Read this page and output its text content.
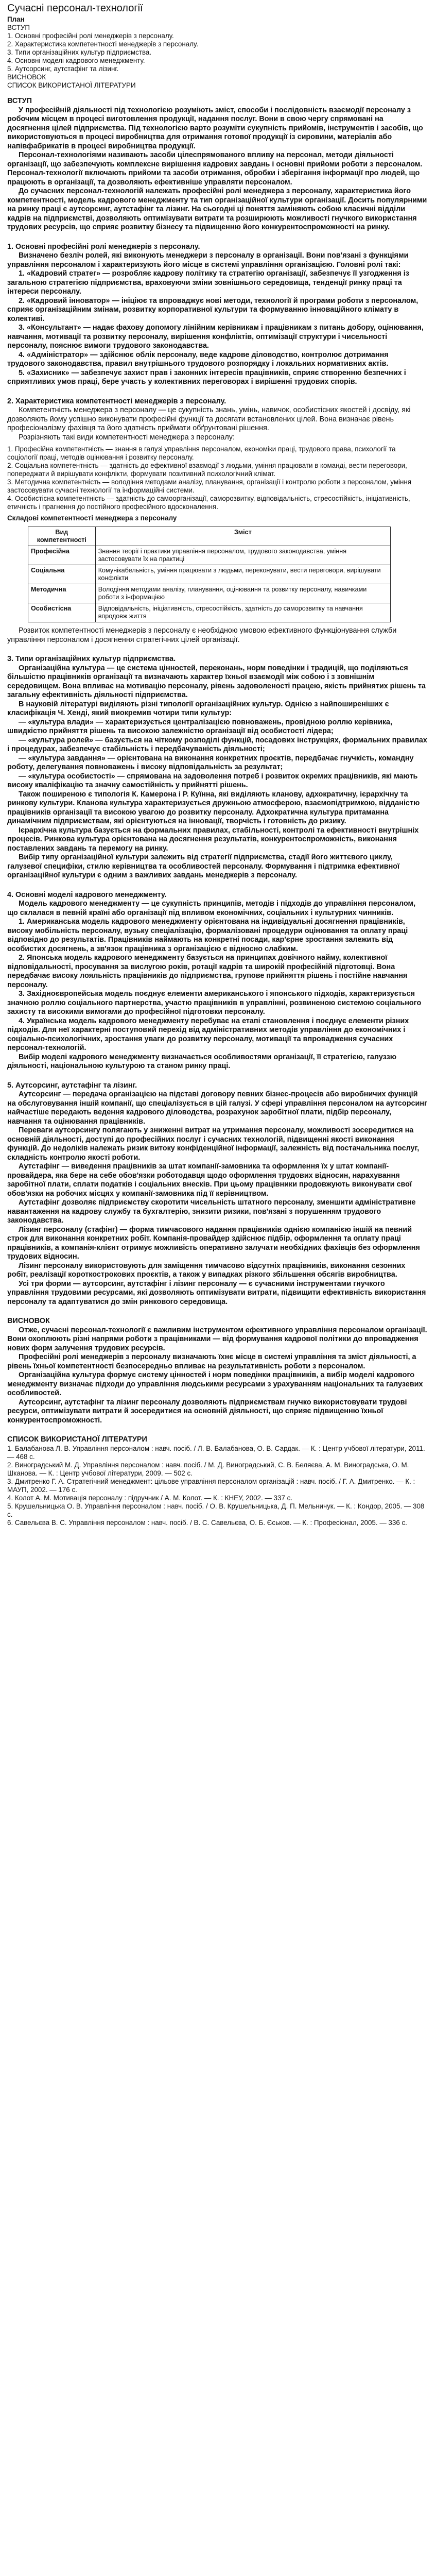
Сучасні персонал-технології

План

ВСТУП

1. Основні професійні ролі менеджерів з персоналу.

2. Характеристика компетентності менеджерів з персоналу.

3. Типи організаційних культур підприємства.

4. Основні моделі кадрового менеджменту.

5. Аутсорсинг, аутстафінг та лізинг.

ВИСНОВОК

СПИСОК ВИКОРИСТАНОЇ ЛІТЕРАТУРИ

ВСТУП

У професійній діяльності під технологією розуміють зміст, способи і послідовність взаємодії персоналу з робочим місцем в процесі виготовлення продукції, надання послуг. Вони в свою чергу спрямовані на досягнення цілей підприємства. Під технологією варто розуміти сукупність прийомів, інструментів і засобів, що використовуються в процесі виробництва для отримання готової продукції із сировини, матеріалів або напівфабрикатів в процесі виробництва продукції.

Персонал-технологіями називають засоби цілеспрямованого впливу на персонал, методи діяльності організації, що забезпечують комплексне вирішення кадрових завдань і основні прийоми роботи з персоналом. Персонал-технології включають прийоми та засоби отримання, обробки і зберігання інформації про людей, що працюють в організації, та дозволяють ефективніше управляти персоналом.

До сучасних персонал-технологій належать професійні ролі менеджера з персоналу, характеристика його компетентності, модель кадрового менеджменту та тип організаційної культури організації. Досить популярними на ринку праці є аутсорсинг, аутстафінг та лізинг. На сьогодні ці поняття заміняють собою класичні відділи кадрів на підприємстві, дозволяють оптимізувати витрати та розширюють можливості гнучкого використання трудових ресурсів, що сприяє розвитку бізнесу та підвищенню його конкурентоспроможності на ринку.

1. Основні професійні ролі менеджерів з персоналу.

Визначено безліч ролей, які виконують менеджери з персоналу в організації. Вони пов'язані з функціями управління персоналом і характеризують його місце в системі управління організацією. Головні ролі такі:

1. «Кадровий стратег» — розробляє кадрову політику та стратегію організації, забезпечує її узгодження із загальною стратегією підприємства, враховуючи зміни зовнішнього середовища, тенденції ринку праці та інтереси персоналу.

2. «Кадровий інноватор» — ініціює та впроваджує нові методи, технології й програми роботи з персоналом, сприяє організаційним змінам, розвитку корпоративної культури та формуванню інноваційного клімату в колективі.

3. «Консультант» — надає фахову допомогу лінійним керівникам і працівникам з питань добору, оцінювання, навчання, мотивації та розвитку персоналу, вирішення конфліктів, оптимізації структури і чисельності персоналу, пояснює вимоги трудового законодавства.

4. «Адміністратор» — здійснює облік персоналу, веде кадрове діловодство, контролює дотримання трудового законодавства, правил внутрішнього трудового розпорядку і локальних нормативних актів.

5. «Захисник» — забезпечує захист прав і законних інтересів працівників, сприяє створенню безпечних і сприятливих умов праці, бере участь у колективних переговорах і вирішенні трудових спорів.

2. Характеристика компетентності менеджерів з персоналу.

Компетентність менеджера з персоналу — це сукупність знань, умінь, навичок, особистісних якостей і досвіду, які дозволяють йому успішно виконувати професійні функції та досягати встановлених цілей. Вона визначає рівень професіоналізму фахівця та його здатність приймати обґрунтовані рішення.

Розрізняють такі види компетентності менеджера з персоналу:

1. Професійна компетентність — знання в галузі управління персоналом, економіки праці, трудового права, психології та соціології праці, методів оцінювання і розвитку персоналу.

2. Соціальна компетентність — здатність до ефективної взаємодії з людьми, уміння працювати в команді, вести переговори, попереджати й вирішувати конфлікти, формувати позитивний психологічний клімат.

3. Методична компетентність — володіння методами аналізу, планування, організації і контролю роботи з персоналом, уміння застосовувати сучасні технології та інформаційні системи.

4. Особистісна компетентність — здатність до самоорганізації, саморозвитку, відповідальність, стресостійкість, ініціативність, етичність і прагнення до постійного професійного вдосконалення.

Складові компетентності менеджера з персоналу

Вид компетентності	Зміст
Професійна	Знання теорії і практики управління персоналом, трудового законодавства, уміння застосовувати їх на практиці
Соціальна	Комунікабельність, уміння працювати з людьми, переконувати, вести переговори, вирішувати конфлікти
Методична	Володіння методами аналізу, планування, оцінювання та розвитку персоналу, навичками роботи з інформацією
Особистісна	Відповідальність, ініціативність, стресостійкість, здатність до саморозвитку та навчання впродовж життя

Розвиток компетентності менеджерів з персоналу є необхідною умовою ефективного функціонування служби управління персоналом і досягнення стратегічних цілей організації.

3. Типи організаційних культур підприємства.

Організаційна культура — це система цінностей, переконань, норм поведінки і традицій, що поділяються більшістю працівників організації та визначають характер їхньої взаємодії між собою і з зовнішнім середовищем. Вона впливає на мотивацію персоналу, рівень задоволеності працею, якість прийнятих рішень та загальну ефективність діяльності підприємства.

В науковій літературі виділяють різні типології організаційних культур. Однією з найпоширеніших є класифікація Ч. Хенді, який виокремив чотири типи культур:

— «культура влади» — характеризується централізацією повноважень, провідною роллю керівника, швидкістю прийняття рішень та високою залежністю організації від особистості лідера;

— «культура ролей» — базується на чіткому розподілі функцій, посадових інструкціях, формальних правилах і процедурах, забезпечує стабільність і передбачуваність діяльності;

— «культура завдання» — орієнтована на виконання конкретних проєктів, передбачає гнучкість, командну роботу, делегування повноважень і високу відповідальність за результат;

— «культура особистості» — спрямована на задоволення потреб і розвиток окремих працівників, які мають високу кваліфікацію та значну самостійність у прийнятті рішень.

Також поширеною є типологія К. Камерона і Р. Куїнна, які виділяють кланову, адхократичну, ієрархічну та ринкову культури. Кланова культура характеризується дружньою атмосферою, взаємопідтримкою, відданістю працівників організації та високою увагою до розвитку персоналу. Адхократична культура притаманна динамічним підприємствам, які орієнтуються на інновації, творчість і готовність до ризику.

Ієрархічна культура базується на формальних правилах, стабільності, контролі та ефективності внутрішніх процесів. Ринкова культура орієнтована на досягнення результатів, конкурентоспроможність, виконання поставлених завдань та перемогу на ринку.

Вибір типу організаційної культури залежить від стратегії підприємства, стадії його життєвого циклу, галузевої специфіки, стилю керівництва та особливостей персоналу. Формування і підтримка ефективної організаційної культури є одним з важливих завдань менеджерів з персоналу.

4. Основні моделі кадрового менеджменту.

Модель кадрового менеджменту — це сукупність принципів, методів і підходів до управління персоналом, що склалася в певній країні або організації під впливом економічних, соціальних і культурних чинників.

1. Американська модель кадрового менеджменту орієнтована на індивідуальні досягнення працівників, високу мобільність персоналу, вузьку спеціалізацію, формалізовані процедури оцінювання та оплату праці відповідно до результатів. Працівників наймають на конкретні посади, кар'єрне зростання залежить від особистих досягнень, а зв'язок працівника з організацією є відносно слабким.

2. Японська модель кадрового менеджменту базується на принципах довічного найму, колективної відповідальності, просування за вислугою років, ротації кадрів та широкій професійній підготовці. Вона передбачає високу лояльність працівників до підприємства, групове прийняття рішень і постійне навчання персоналу.

3. Західноєвропейська модель поєднує елементи американського і японського підходів, характеризується значною роллю соціального партнерства, участю працівників в управлінні, розвиненою системою соціального захисту та високими вимогами до професійної підготовки персоналу.

4. Українська модель кадрового менеджменту перебуває на етапі становлення і поєднує елементи різних підходів. Для неї характерні поступовий перехід від адміністративних методів управління до економічних і соціально-психологічних, зростання уваги до розвитку персоналу, мотивації та впровадження сучасних персонал-технологій.

Вибір моделі кадрового менеджменту визначається особливостями організації, її стратегією, галуззю діяльності, національною культурою та станом ринку праці.

5. Аутсорсинг, аутстафінг та лізинг.

Аутсорсинг — передача організацією на підставі договору певних бізнес-процесів або виробничих функцій на обслуговування іншій компанії, що спеціалізується в цій галузі. У сфері управління персоналом на аутсорсинг найчастіше передають ведення кадрового діловодства, розрахунок заробітної плати, підбір персоналу, навчання та оцінювання працівників.

Переваги аутсорсингу полягають у зниженні витрат на утримання персоналу, можливості зосередитися на основній діяльності, доступі до професійних послуг і сучасних технологій, підвищенні якості виконання функцій. До недоліків належать ризик витоку конфіденційної інформації, залежність від постачальника послуг, складність контролю якості роботи.

Аутстафінг — виведення працівників за штат компанії-замовника та оформлення їх у штат компанії-провайдера, яка бере на себе обов'язки роботодавця щодо оформлення трудових відносин, нарахування заробітної плати, сплати податків і соціальних внесків. При цьому працівники продовжують виконувати свої обов'язки на робочих місцях у компанії-замовника під її керівництвом.

Аутстафінг дозволяє підприємству скоротити чисельність штатного персоналу, зменшити адміністративне навантаження на кадрову службу та бухгалтерію, знизити ризики, пов'язані з порушенням трудового законодавства.

Лізинг персоналу (стафінг) — форма тимчасового надання працівників однією компанією іншій на певний строк для виконання конкретних робіт. Компанія-провайдер здійснює підбір, оформлення та оплату праці працівників, а компанія-клієнт отримує можливість оперативно залучати необхідних фахівців без оформлення трудових відносин.

Лізинг персоналу використовують для заміщення тимчасово відсутніх працівників, виконання сезонних робіт, реалізації короткострокових проєктів, а також у випадках різкого збільшення обсягів виробництва.

Усі три форми — аутсорсинг, аутстафінг і лізинг персоналу — є сучасними інструментами гнучкого управління трудовими ресурсами, які дозволяють оптимізувати витрати, підвищити ефективність використання персоналу та адаптуватися до змін ринкового середовища.

ВИСНОВОК

Отже, сучасні персонал-технології є важливим інструментом ефективного управління персоналом організації. Вони охоплюють різні напрями роботи з працівниками — від формування кадрової політики до впровадження нових форм залучення трудових ресурсів.

Професійні ролі менеджерів з персоналу визначають їхнє місце в системі управління та зміст діяльності, а рівень їхньої компетентності безпосередньо впливає на результативність роботи з персоналом.

Організаційна культура формує систему цінностей і норм поведінки працівників, а вибір моделі кадрового менеджменту визначає підходи до управління людськими ресурсами з урахуванням національних та галузевих особливостей.

Аутсорсинг, аутстафінг та лізинг персоналу дозволяють підприємствам гнучко використовувати трудові ресурси, оптимізувати витрати й зосередитися на основній діяльності, що сприяє підвищенню їхньої конкурентоспроможності.

СПИСОК ВИКОРИСТАНОЇ ЛІТЕРАТУРИ

1. Балабанова Л. В. Управління персоналом : навч. посіб. / Л. В. Балабанова, О. В. Сардак. — К. : Центр учбової літератури, 2011. — 468 с.

2. Виноградський М. Д. Управління персоналом : навч. посіб. / М. Д. Виноградський, С. В. Беляєва, А. М. Виноградська, О. М. Шканова. — К. : Центр учбової літератури, 2009. — 502 с.

3. Дмитренко Г. А. Стратегічний менеджмент: цільове управління персоналом організацій : навч. посіб. / Г. А. Дмитренко. — К. : МАУП, 2002. — 176 с.

4. Колот А. М. Мотивація персоналу : підручник / А. М. Колот. — К. : КНЕУ, 2002. — 337 с.

5. Крушельницька О. В. Управління персоналом : навч. посіб. / О. В. Крушельницька, Д. П. Мельничук. — К. : Кондор, 2005. — 308 с.

6. Савельєва В. С. Управління персоналом : навч. посіб. / В. С. Савельєва, О. Б. Єськов. — К. : Професіонал, 2005. — 336 с.
